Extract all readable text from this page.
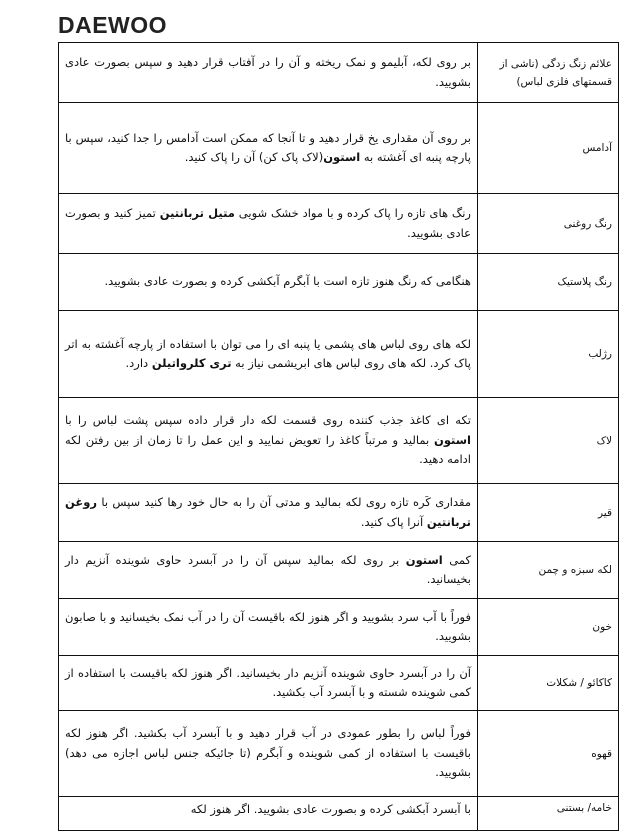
DAEWOO
بر روی لکه، آبلیمو و نمک ریخته و آن را در آفتاب قرار دهید و سپس بصورت عادی بشویید.	علائم زنگ زدگی (ناشی از قسمتهای فلزی لباس)
بر روی آن مقداری یخ قرار دهید و تا آنجا که ممکن است آدامس را جدا کنید، سپس با پارچه پنبه ای آغشته به استون(لاک پاک کن) آن را پاک کنید.	آدامس
رنگ های تازه را پاک کرده و با مواد خشک شویی متیل تربانتین تمیز کنید و بصورت عادی بشویید.	رنگ روغنی
هنگامی که رنگ هنوز تازه است با آبگرم آبکشی کرده و بصورت عادی بشویید.	رنگ پلاستیک
لکه های روی لباس های پشمی یا پنبه ای را می توان با استفاده از پارچه آغشته به اتر پاک کرد. لکه های روی لباس های ابریشمی نیاز به تری کلرواتیلن دارد.	رژلب
تکه ای کاغذ جذب کننده روی قسمت لکه دار قرار داده سپس پشت لباس را با استون بمالید و مرتباً کاغذ را تعویض نمایید و این عمل را تا زمان از بین رفتن لکه ادامه دهید.	لاک
مقداری کَره تازه روی لکه بمالید و مدتی آن را به حال خود رها کنید سپس با روغن تربانتین آنرا پاک کنید.	قیر
کمی استون بر روی لکه بمالید سپس آن را در آبسرد حاوی شوینده آنزیم دار بخیسانید.	لکه سبزه و چمن
فوراً با آب سرد بشویید و اگر هنوز لکه باقیست آن را در آب نمک بخیسانید و با صابون بشویید.	خون
آن را در آبسرد حاوی شوینده آنزیم دار بخیسانید. اگر هنوز لکه باقیست با استفاده از کمی شوینده شسته و با آبسرد آب بکشید.	کاکائو / شکلات
فوراً لباس را بطور عمودی در آب قرار دهید و با آبسرد آب بکشید. اگر هنوز لکه باقیست با استفاده از کمی شوینده و آبگرم (تا جائیکه جنس لباس اجازه می دهد) بشویید.	قهوه
با آبسرد آبکشی کرده و بصورت عادی بشویید. اگر هنوز لکه	خامه/ بستنی
